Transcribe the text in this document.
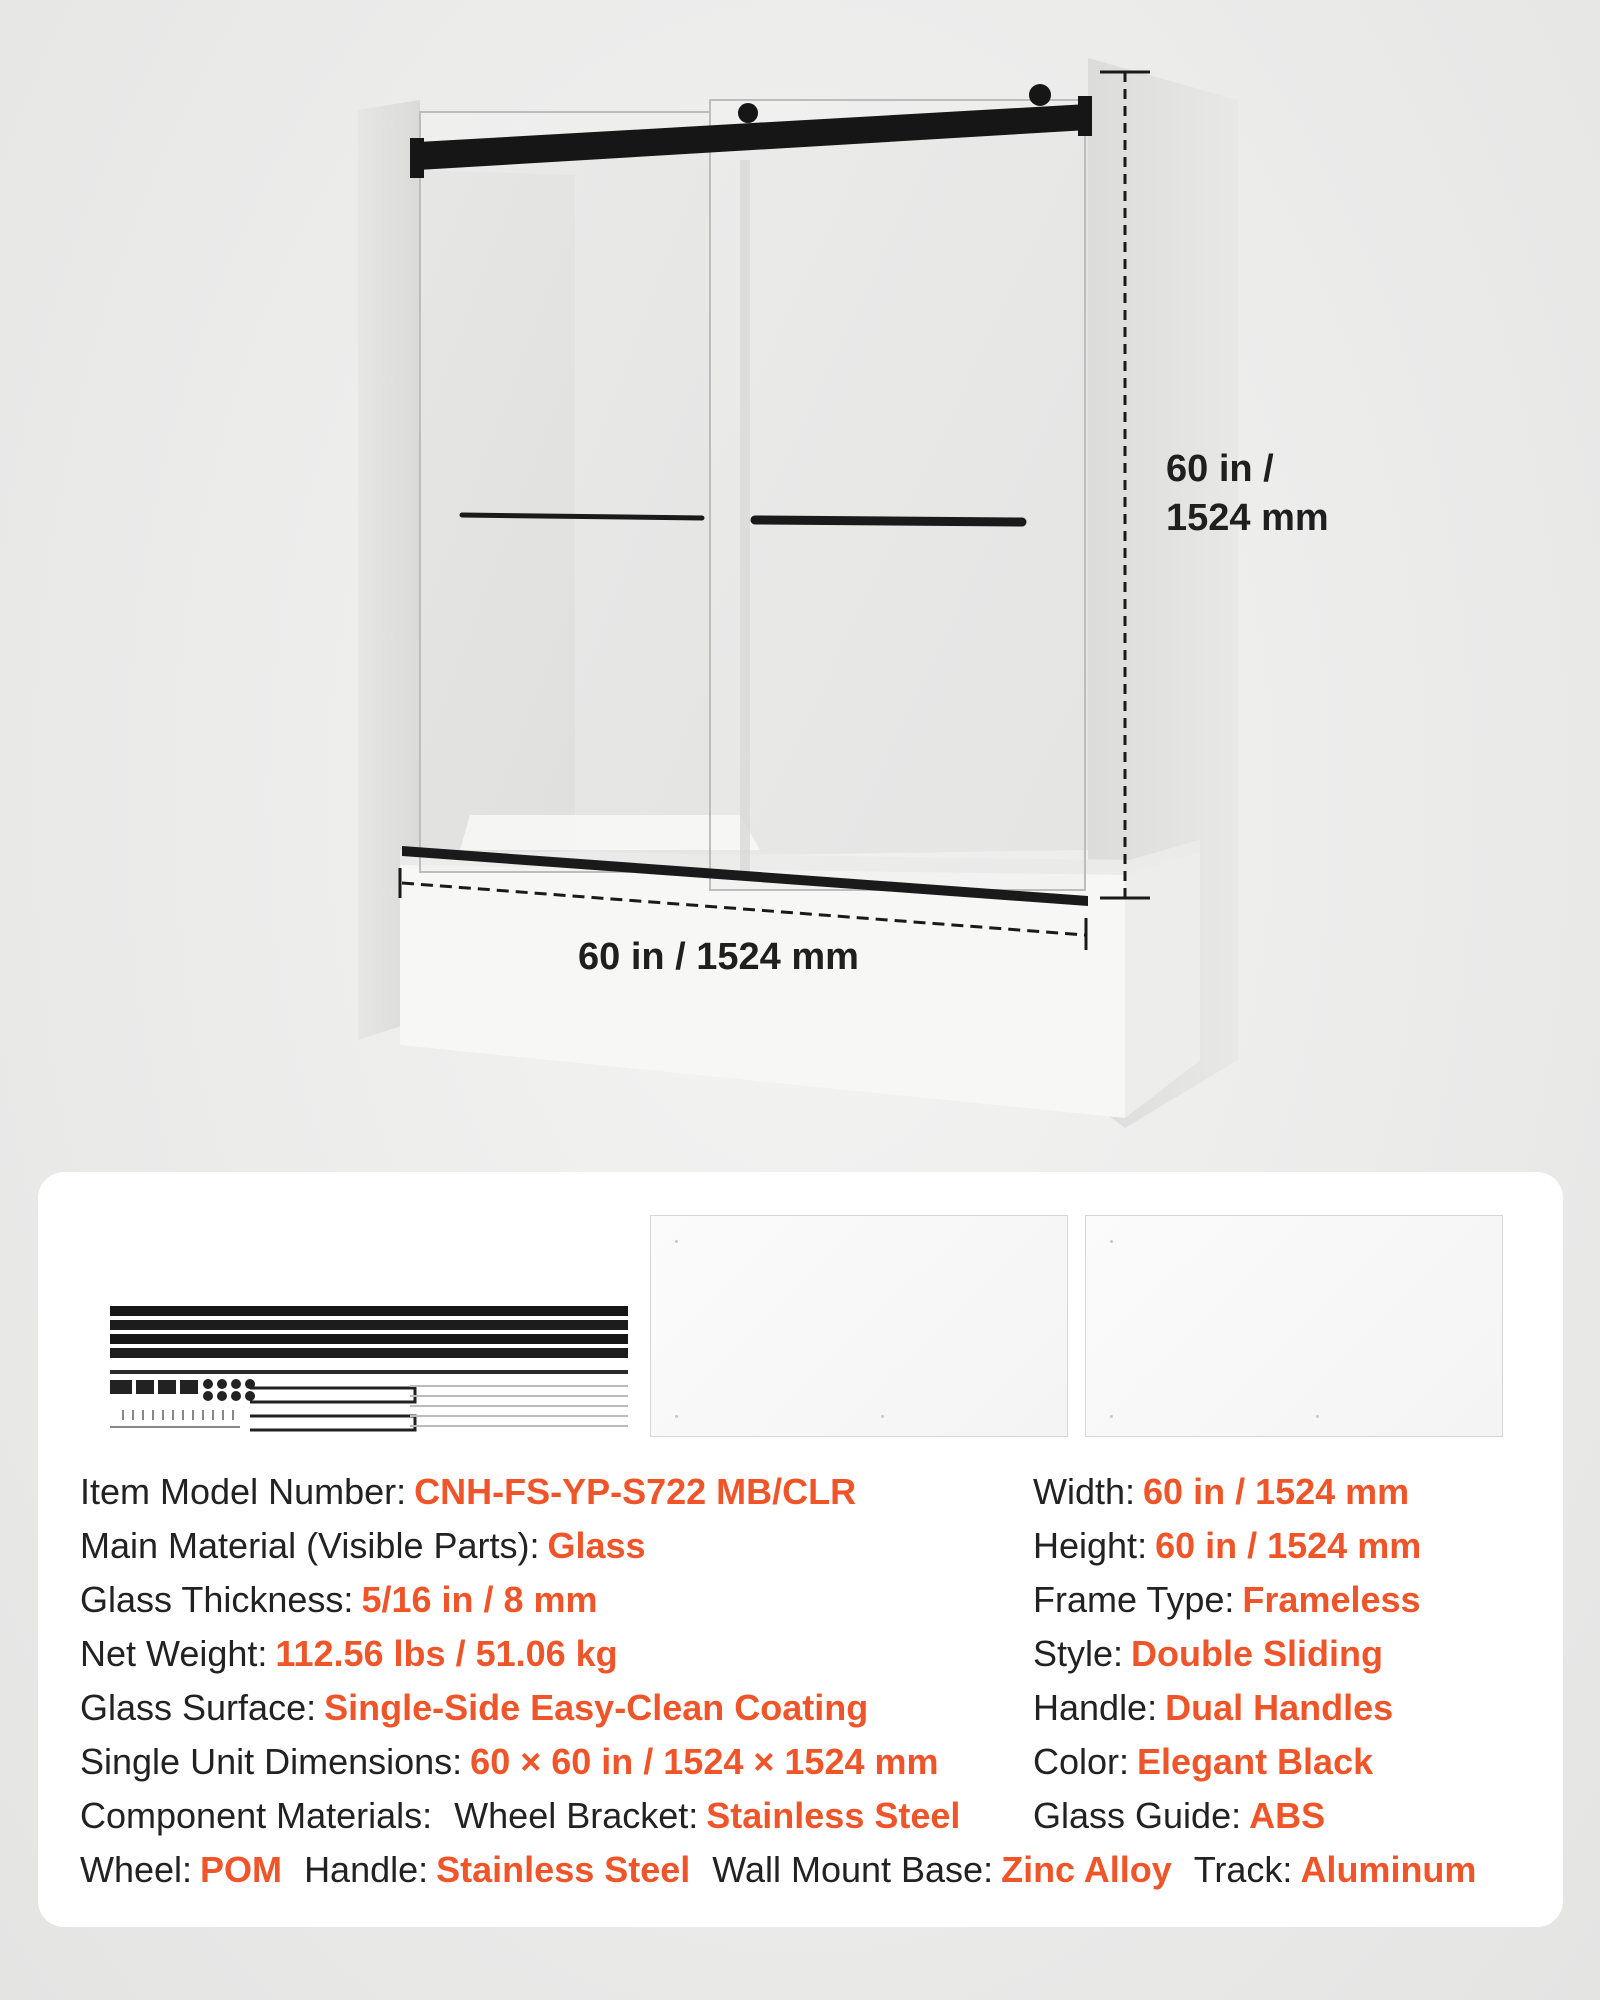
60 in /
1524 mm
60 in / 1524 mm
Item Model Number: CNH-FS-YP-S722 MB/CLR
Main Material (Visible Parts): Glass
Glass Thickness: 5/16 in / 8 mm
Net Weight: 112.56 lbs / 51.06 kg
Glass Surface: Single-Side Easy-Clean Coating
Single Unit Dimensions: 60 × 60 in / 1524 × 1524 mm
Component Materials: Wheel Bracket: Stainless Steel
Wheel: POM Handle: Stainless Steel Wall Mount Base: Zinc Alloy Track: Aluminum
Width: 60 in / 1524 mm
Height: 60 in / 1524 mm
Frame Type: Frameless
Style: Double Sliding
Handle: Dual Handles
Color: Elegant Black
Glass Guide: ABS
